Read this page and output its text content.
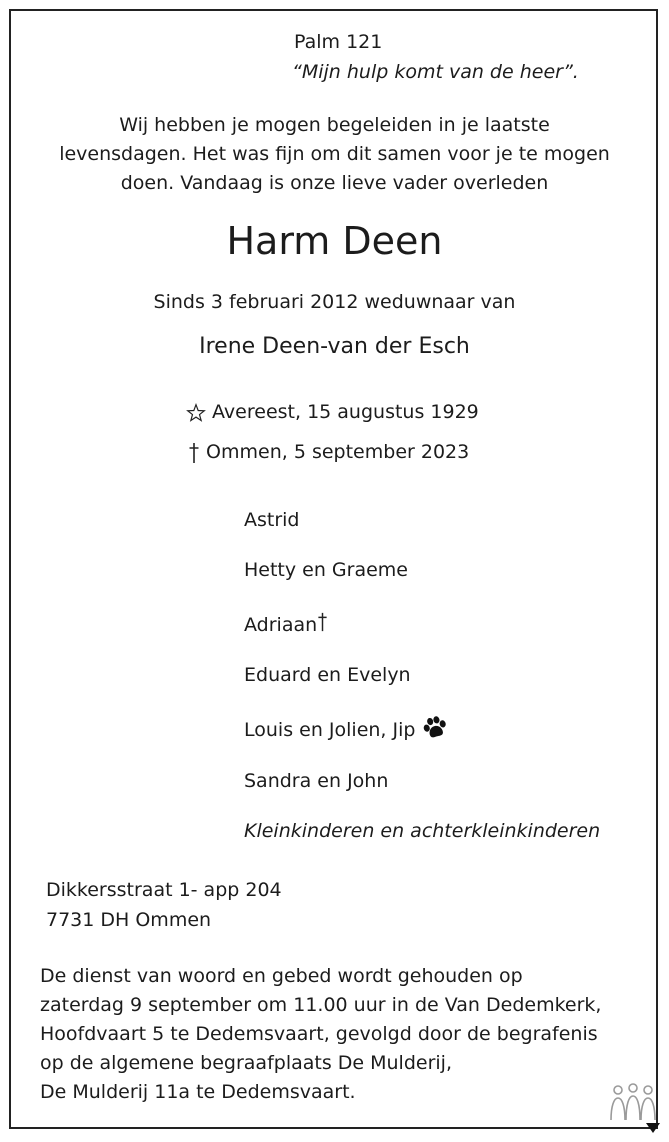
Palm 121
“Mijn hulp komt van de heer”.
Wij hebben je mogen begeleiden in je laatste
levensdagen. Het was fijn om dit samen voor je te mogen
doen. Vandaag is onze lieve vader overleden
Harm Deen
Sinds 3 februari 2012 weduwnaar van
Irene Deen-van der Esch
Avereest, 15 augustus 1929
Ommen, 5 september 2023
Astrid
Hetty en Graeme
Adriaan
Eduard en Evelyn
Louis en Jolien, Jip
Sandra en John
Kleinkinderen en achterkleinkinderen
Dikkersstraat 1- app 204
7731 DH Ommen
De dienst van woord en gebed wordt gehouden op
zaterdag 9 september om 11.00 uur in de Van Dedemkerk,
Hoofdvaart 5 te Dedemsvaart, gevolgd door de begrafenis
op de algemene begraafplaats De Mulderij,
De Mulderij 11a te Dedemsvaart.
